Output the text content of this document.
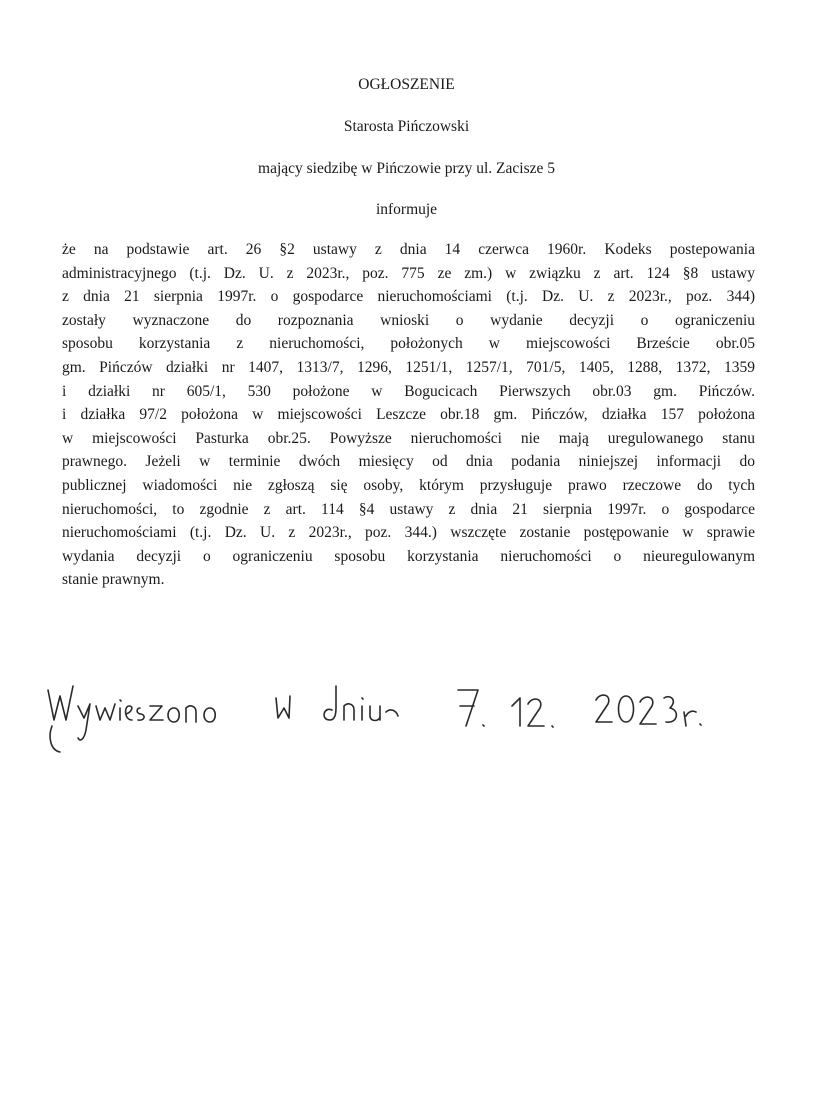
OGŁOSZENIE

Starosta Pińczowski

mający siedzibę w Pińczowie przy ul. Zacisze 5

informuje

że na podstawie art. 26 §2 ustawy z dnia 14 czerwca 1960r. Kodeks postepowania
administracyjnego (t.j. Dz. U. z 2023r., poz. 775 ze zm.) w związku z art. 124 §8 ustawy
z dnia 21 sierpnia 1997r. o gospodarce nieruchomościami (t.j. Dz. U. z 2023r., poz. 344)
zostały wyznaczone do rozpoznania wnioski o wydanie decyzji o ograniczeniu
sposobu korzystania z nieruchomości, położonych w miejscowości Brzeście obr.05
gm. Pińczów działki nr 1407, 1313/7, 1296, 1251/1, 1257/1, 701/5, 1405, 1288, 1372, 1359
i działki nr 605/1, 530 położone w Bogucicach Pierwszych obr.03 gm. Pińczów.
i działka 97/2 położona w miejscowości Leszcze obr.18 gm. Pińczów, działka 157 położona
w miejscowości Pasturka obr.25. Powyższe nieruchomości nie mają uregulowanego stanu
prawnego. Jeżeli w terminie dwóch miesięcy od dnia podania niniejszej informacji do
publicznej wiadomości nie zgłoszą się osoby, którym przysługuje prawo rzeczowe do tych
nieruchomości, to zgodnie z art. 114 §4 ustawy z dnia 21 sierpnia 1997r. o gospodarce
nieruchomościami (t.j. Dz. U. z 2023r., poz. 344.) wszczęte zostanie postępowanie w sprawie
wydania decyzji o ograniczeniu sposobu korzystania nieruchomości o nieuregulowanym
stanie prawnym.
